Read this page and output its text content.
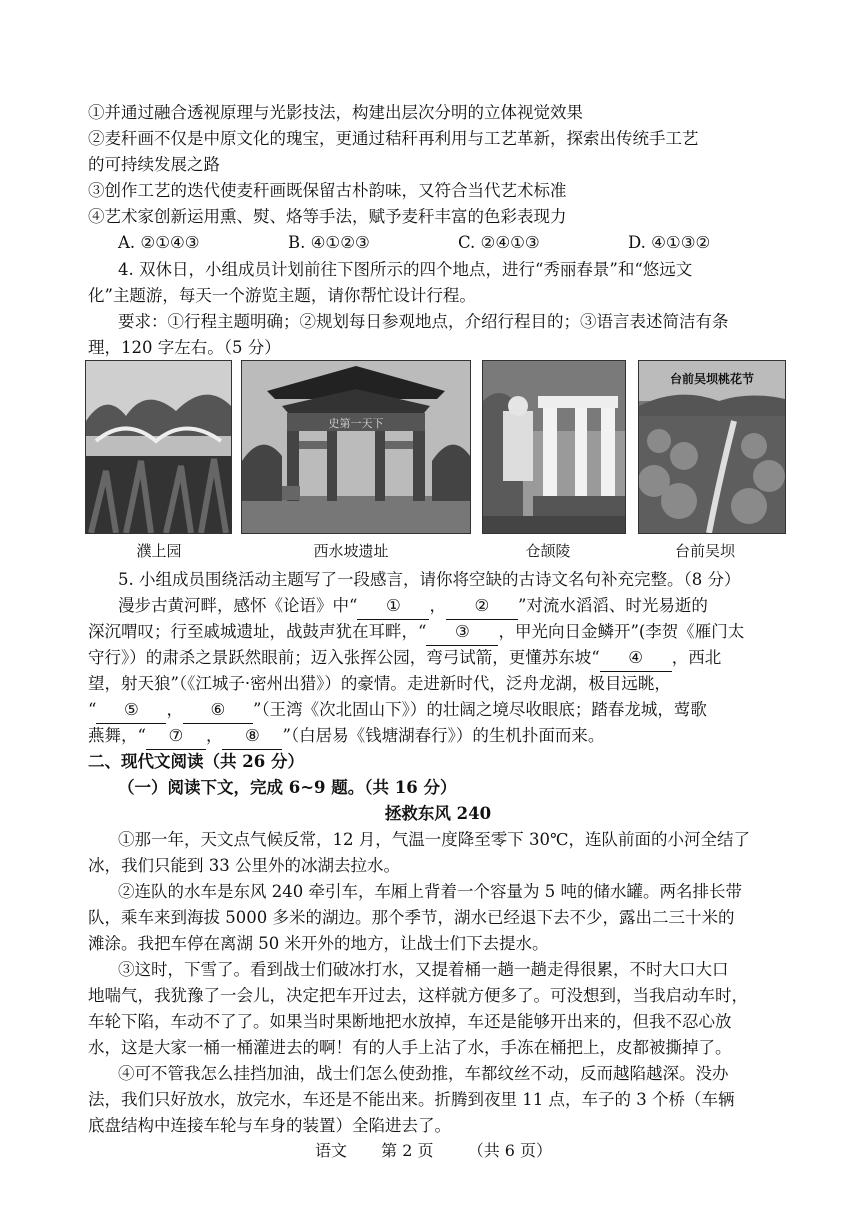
①并通过融合透视原理与光影技法，构建出层次分明的立体视觉效果
②麦秆画不仅是中原文化的瑰宝，更通过秸秆再利用与工艺革新，探索出传统手工艺
的可持续发展之路
③创作工艺的迭代使麦秆画既保留古朴韵味，又符合当代艺术标准
④艺术家创新运用熏、熨、烙等手法，赋予麦秆丰富的色彩表现力
A. ②①④③	B. ④①②③	C. ②④①③	D. ④①③②
4. 双休日，小组成员计划前往下图所示的四个地点，进行“秀丽春景”和“悠远文
化”主题游，每天一个游览主题，请你帮忙设计行程。
要求：①行程主题明确；②规划每日参观地点，介绍行程目的；③语言表述简洁有条
理，120 字左右。（5 分）
史第一天下
台前吴坝桃花节
濮上园	西水坡遗址	仓颉陵	台前吴坝
5. 小组成员围绕活动主题写了一段感言，请你将空缺的古诗文名句补充完整。（8 分）
漫步古黄河畔，感怀《论语》中“ ① ， ② ”对流水滔滔、时光易逝的
深沉喟叹；行至戚城遗址，战鼓声犹在耳畔，“ ③ ，甲光向日金鳞开”(李贺《雁门太
守行》）的肃杀之景跃然眼前；迈入张挥公园，弯弓试箭，更懂苏东坡“ ④ ，西北
望，射天狼”（《江城子·密州出猎》）的豪情。走进新时代，泛舟龙湖，极目远眺，
“ ⑤ ， ⑥ ”（王湾《次北固山下》）的壮阔之境尽收眼底；踏春龙城，莺歌
燕舞，“ ⑦ ， ⑧ ”（白居易《钱塘湖春行》）的生机扑面而来。
二、现代文阅读（共 26 分）
（一）阅读下文，完成 6~9 题。（共 16 分）
拯救东风 240
①那一年，天文点气候反常，12 月，气温一度降至零下 30℃，连队前面的小河全结了
冰，我们只能到 33 公里外的冰湖去拉水。
②连队的水车是东风 240 牵引车，车厢上背着一个容量为 5 吨的储水罐。两名排长带
队，乘车来到海拔 5000 多米的湖边。那个季节，湖水已经退下去不少，露出二三十米的
滩涂。我把车停在离湖 50 米开外的地方，让战士们下去提水。
③这时，下雪了。看到战士们破冰打水，又提着桶一趟一趟走得很累，不时大口大口
地喘气，我犹豫了一会儿，决定把车开过去，这样就方便多了。可没想到，当我启动车时，
车轮下陷，车动不了了。如果当时果断地把水放掉，车还是能够开出来的，但我不忍心放
水，这是大家一桶一桶灌进去的啊！有的人手上沾了水，手冻在桶把上，皮都被撕掉了。
④可不管我怎么挂挡加油，战士们怎么使劲推，车都纹丝不动，反而越陷越深。没办
法，我们只好放水，放完水，车还是不能出来。折腾到夜里 11 点，车子的 3 个桥（车辆
底盘结构中连接车轮与车身的装置）全陷进去了。
语文 第 2 页 （共 6 页）
